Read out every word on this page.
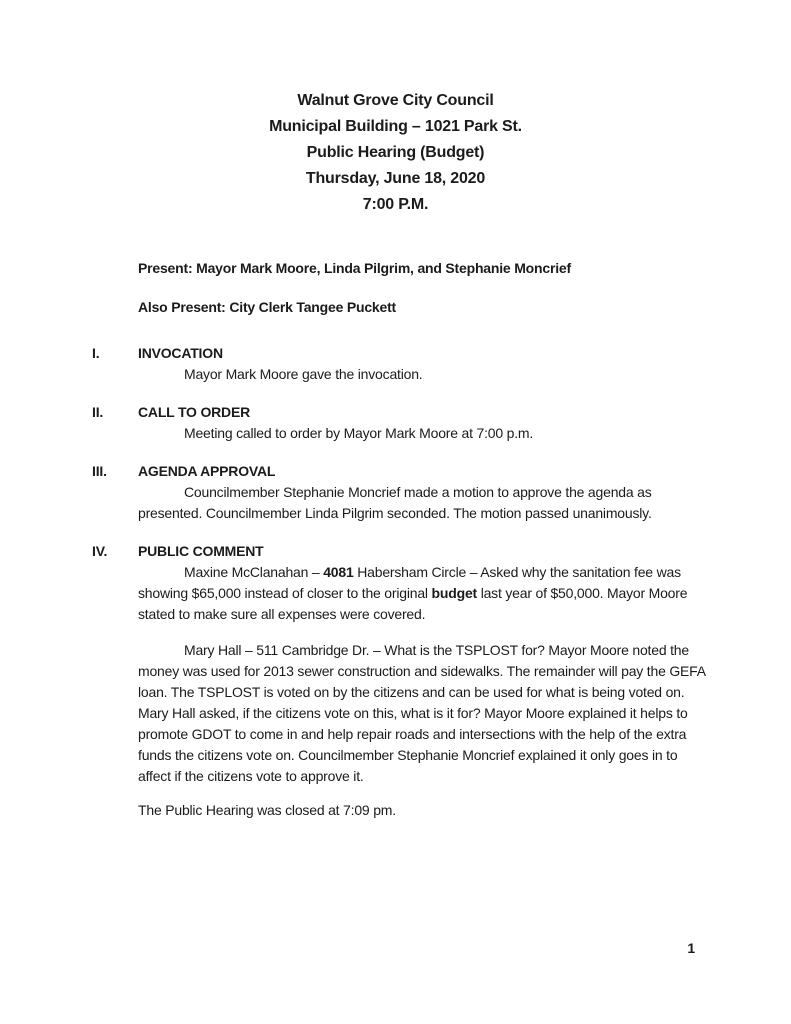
Walnut Grove City Council
Municipal Building – 1021 Park St.
Public Hearing (Budget)
Thursday, June 18, 2020
7:00 P.M.
Present: Mayor Mark Moore, Linda Pilgrim, and Stephanie Moncrief
Also Present: City Clerk Tangee Puckett
I.	INVOCATION

Mayor Mark Moore gave the invocation.

II. CALL TO ORDER

Meeting called to order by Mayor Mark Moore at 7:00 p.m.

III. AGENDA APPROVAL

Councilmember Stephanie Moncrief made a motion to approve the agenda as presented. Councilmember Linda Pilgrim seconded. The motion passed unanimously.

IV. PUBLIC COMMENT

Maxine McClanahan – 4081 Habersham Circle – Asked why the sanitation fee was showing $65,000 instead of closer to the original budget last year of $50,000. Mayor Moore stated to make sure all expenses were covered.

Mary Hall – 511 Cambridge Dr. – What is the TSPLOST for? Mayor Moore noted the money was used for 2013 sewer construction and sidewalks. The remainder will pay the GEFA loan. The TSPLOST is voted on by the citizens and can be used for what is being voted on. Mary Hall asked, if the citizens vote on this, what is it for? Mayor Moore explained it helps to promote GDOT to come in and help repair roads and intersections with the help of the extra funds the citizens vote on. Councilmember Stephanie Moncrief explained it only goes in to affect if the citizens vote to approve it.

The Public Hearing was closed at 7:09 pm.

1
